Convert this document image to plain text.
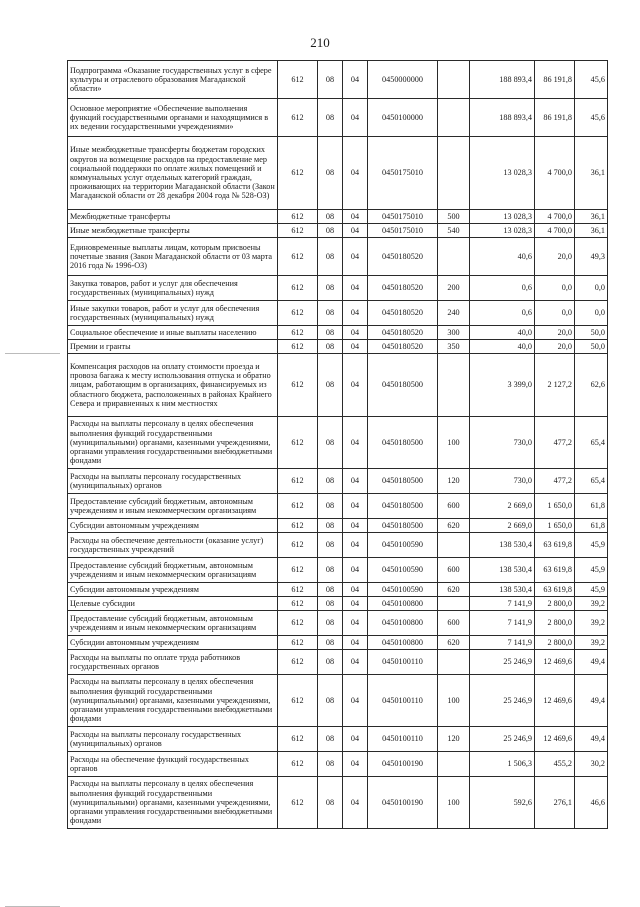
210
Подпрограмма «Оказание государственных услуг в сфере культуры и отраслевого образования Магаданской области»	612	08	04	0450000000		188 893,4	86 191,8	45,6
Основное мероприятие «Обеспечение выполнения функций государственными органами и находящимися в их ведении государственными учреждениями»	612	08	04	0450100000		188 893,4	86 191,8	45,6
Иные межбюджетные трансферты бюджетам городских округов на возмещение расходов на предоставление мер социальной поддержки по оплате жилых помещений и коммунальных услуг отдельных категорий граждан, проживающих на территории Магаданской области (Закон Магаданской области от 28 декабря 2004 года № 528-ОЗ)	612	08	04	0450175010		13 028,3	4 700,0	36,1
Межбюджетные трансферты	612	08	04	0450175010	500	13 028,3	4 700,0	36,1
Иные межбюджетные трансферты	612	08	04	0450175010	540	13 028,3	4 700,0	36,1
Единовременные выплаты лицам, которым присвоены почетные звания (Закон Магаданской области от 03 марта 2016 года № 1996-ОЗ)	612	08	04	0450180520		40,6	20,0	49,3
Закупка товаров, работ и услуг для обеспечения государственных (муниципальных) нужд	612	08	04	0450180520	200	0,6	0,0	0,0
Иные закупки товаров, работ и услуг для обеспечения государственных (муниципальных) нужд	612	08	04	0450180520	240	0,6	0,0	0,0
Социальное обеспечение и иные выплаты населению	612	08	04	0450180520	300	40,0	20,0	50,0
Премии и гранты	612	08	04	0450180520	350	40,0	20,0	50,0
Компенсация расходов на оплату стоимости проезда и провоза багажа к месту использования отпуска и обратно лицам, работающим в организациях, финансируемых из областного бюджета, расположенных в районах Крайнего Севера и приравненных к ним местностях	612	08	04	0450180500		3 399,0	2 127,2	62,6
Расходы на выплаты персоналу в целях обеспечения выполнения функций государственными (муниципальными) органами, казенными учреждениями, органами управления государственными внебюджетными фондами	612	08	04	0450180500	100	730,0	477,2	65,4
Расходы на выплаты персоналу государственных (муниципальных) органов	612	08	04	0450180500	120	730,0	477,2	65,4
Предоставление субсидий бюджетным, автономным учреждениям и иным некоммерческим организациям	612	08	04	0450180500	600	2 669,0	1 650,0	61,8
Субсидии автономным учреждениям	612	08	04	0450180500	620	2 669,0	1 650,0	61,8
Расходы на обеспечение деятельности (оказание услуг) государственных учреждений	612	08	04	0450100590		138 530,4	63 619,8	45,9
Предоставление субсидий бюджетным, автономным учреждениям и иным некоммерческим организациям	612	08	04	0450100590	600	138 530,4	63 619,8	45,9
Субсидии автономным учреждениям	612	08	04	0450100590	620	138 530,4	63 619,8	45,9
Целевые субсидии	612	08	04	0450100800		7 141,9	2 800,0	39,2
Предоставление субсидий бюджетным, автономным учреждениям и иным некоммерческим организациям	612	08	04	0450100800	600	7 141,9	2 800,0	39,2
Субсидии автономным учреждениям	612	08	04	0450100800	620	7 141,9	2 800,0	39,2
Расходы на выплаты по оплате труда работников государственных органов	612	08	04	0450100110		25 246,9	12 469,6	49,4
Расходы на выплаты персоналу в целях обеспечения выполнения функций государственными (муниципальными) органами, казенными учреждениями, органами управления государственными внебюджетными фондами	612	08	04	0450100110	100	25 246,9	12 469,6	49,4
Расходы на выплаты персоналу государственных (муниципальных) органов	612	08	04	0450100110	120	25 246,9	12 469,6	49,4
Расходы на обеспечение функций государственных органов	612	08	04	0450100190		1 506,3	455,2	30,2
Расходы на выплаты персоналу в целях обеспечения выполнения функций государственными (муниципальными) органами, казенными учреждениями, органами управления государственными внебюджетными фондами	612	08	04	0450100190	100	592,6	276,1	46,6
